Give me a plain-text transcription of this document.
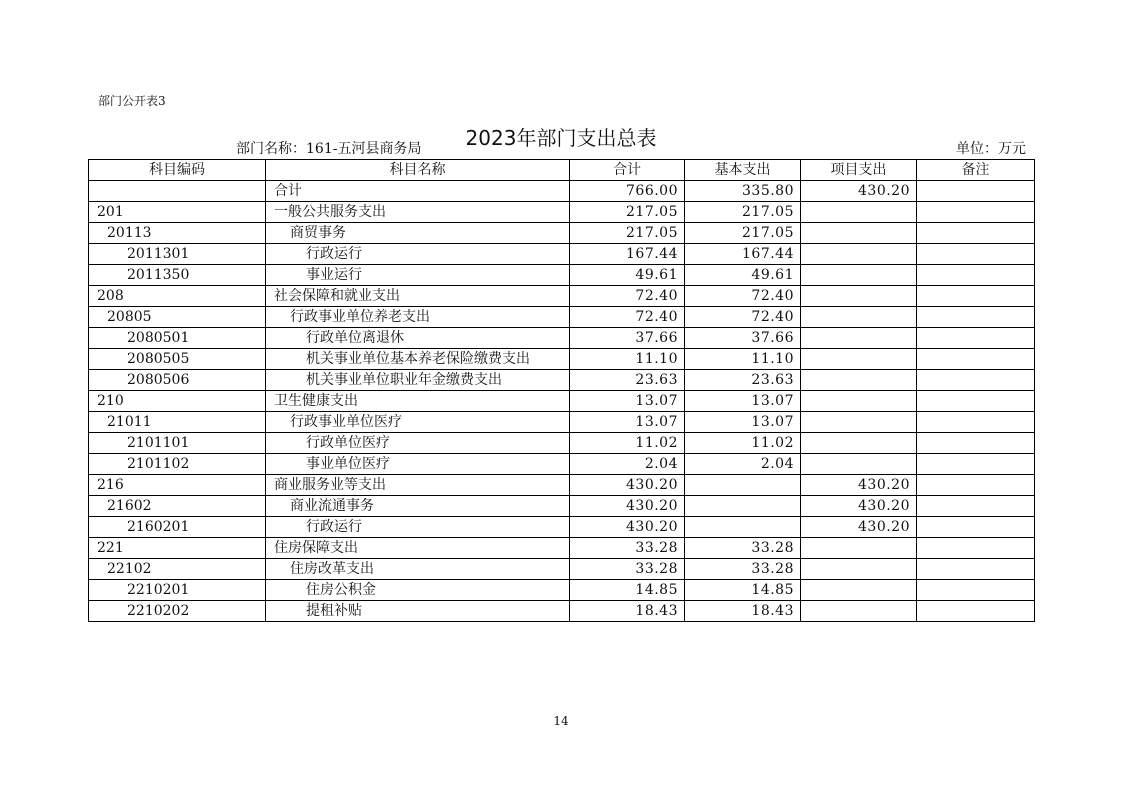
部门公开表3
2023年部门支出总表
部门名称：161-五河县商务局	单位：万元
科目编码	科目名称	合计	基本支出	项目支出	备注
	合计	766.00	335.80	430.20	
201	一般公共服务支出	217.05	217.05		
20113	商贸事务	217.05	217.05		
2011301	行政运行	167.44	167.44		
2011350	事业运行	49.61	49.61		
208	社会保障和就业支出	72.40	72.40		
20805	行政事业单位养老支出	72.40	72.40		
2080501	行政单位离退休	37.66	37.66		
2080505	机关事业单位基本养老保险缴费支出	11.10	11.10		
2080506	机关事业单位职业年金缴费支出	23.63	23.63		
210	卫生健康支出	13.07	13.07		
21011	行政事业单位医疗	13.07	13.07		
2101101	行政单位医疗	11.02	11.02		
2101102	事业单位医疗	2.04	2.04		
216	商业服务业等支出	430.20		430.20	
21602	商业流通事务	430.20		430.20	
2160201	行政运行	430.20		430.20	
221	住房保障支出	33.28	33.28		
22102	住房改革支出	33.28	33.28		
2210201	住房公积金	14.85	14.85		
2210202	提租补贴	18.43	18.43		
14
